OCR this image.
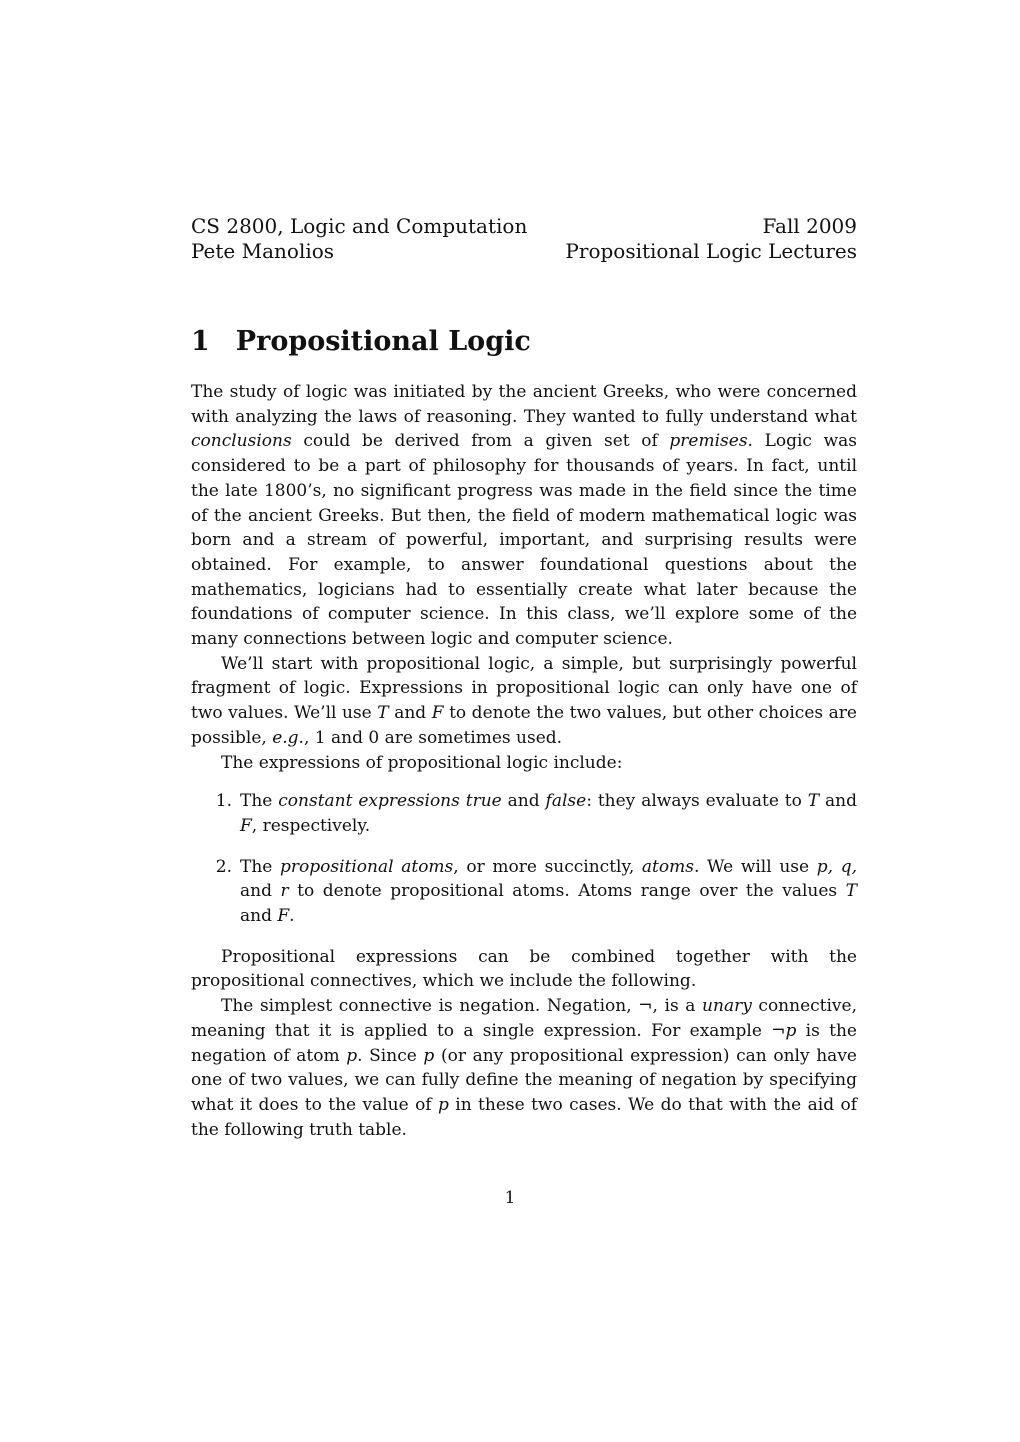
CS 2800, Logic and Computation	Fall 2009
Pete Manolios	Propositional Logic Lectures
1 Propositional Logic

The study of logic was initiated by the ancient Greeks, who were concerned with analyzing the laws of reasoning. They wanted to fully understand what conclusions could be derived from a given set of premises. Logic was considered to be a part of philosophy for thousands of years. In fact, until the late 1800’s, no significant progress was made in the field since the time of the ancient Greeks. But then, the field of modern mathematical logic was born and a stream of powerful, important, and surprising results were obtained. For example, to answer foundational questions about the mathematics, logicians had to essentially create what later because the foundations of computer science. In this class, we’ll explore some of the many connections between logic and computer science.

We’ll start with propositional logic, a simple, but surprisingly powerful fragment of logic. Expressions in propositional logic can only have one of two values. We’ll use T and F to denote the two values, but other choices are possible, e.g., 1 and 0 are sometimes used.

The expressions of propositional logic include:

1. The constant expressions true and false: they always evaluate to T and F, respectively.
2. The propositional atoms, or more succinctly, atoms. We will use p, q, and r to denote propositional atoms. Atoms range over the values T and F.

Propositional expressions can be combined together with the propositional connectives, which we include the following.

The simplest connective is negation. Negation, ¬, is a unary connective, meaning that it is applied to a single expression. For example ¬p is the negation of atom p. Since p (or any propositional expression) can only have one of two values, we can fully define the meaning of negation by specifying what it does to the value of p in these two cases. We do that with the aid of the following truth table.

1
